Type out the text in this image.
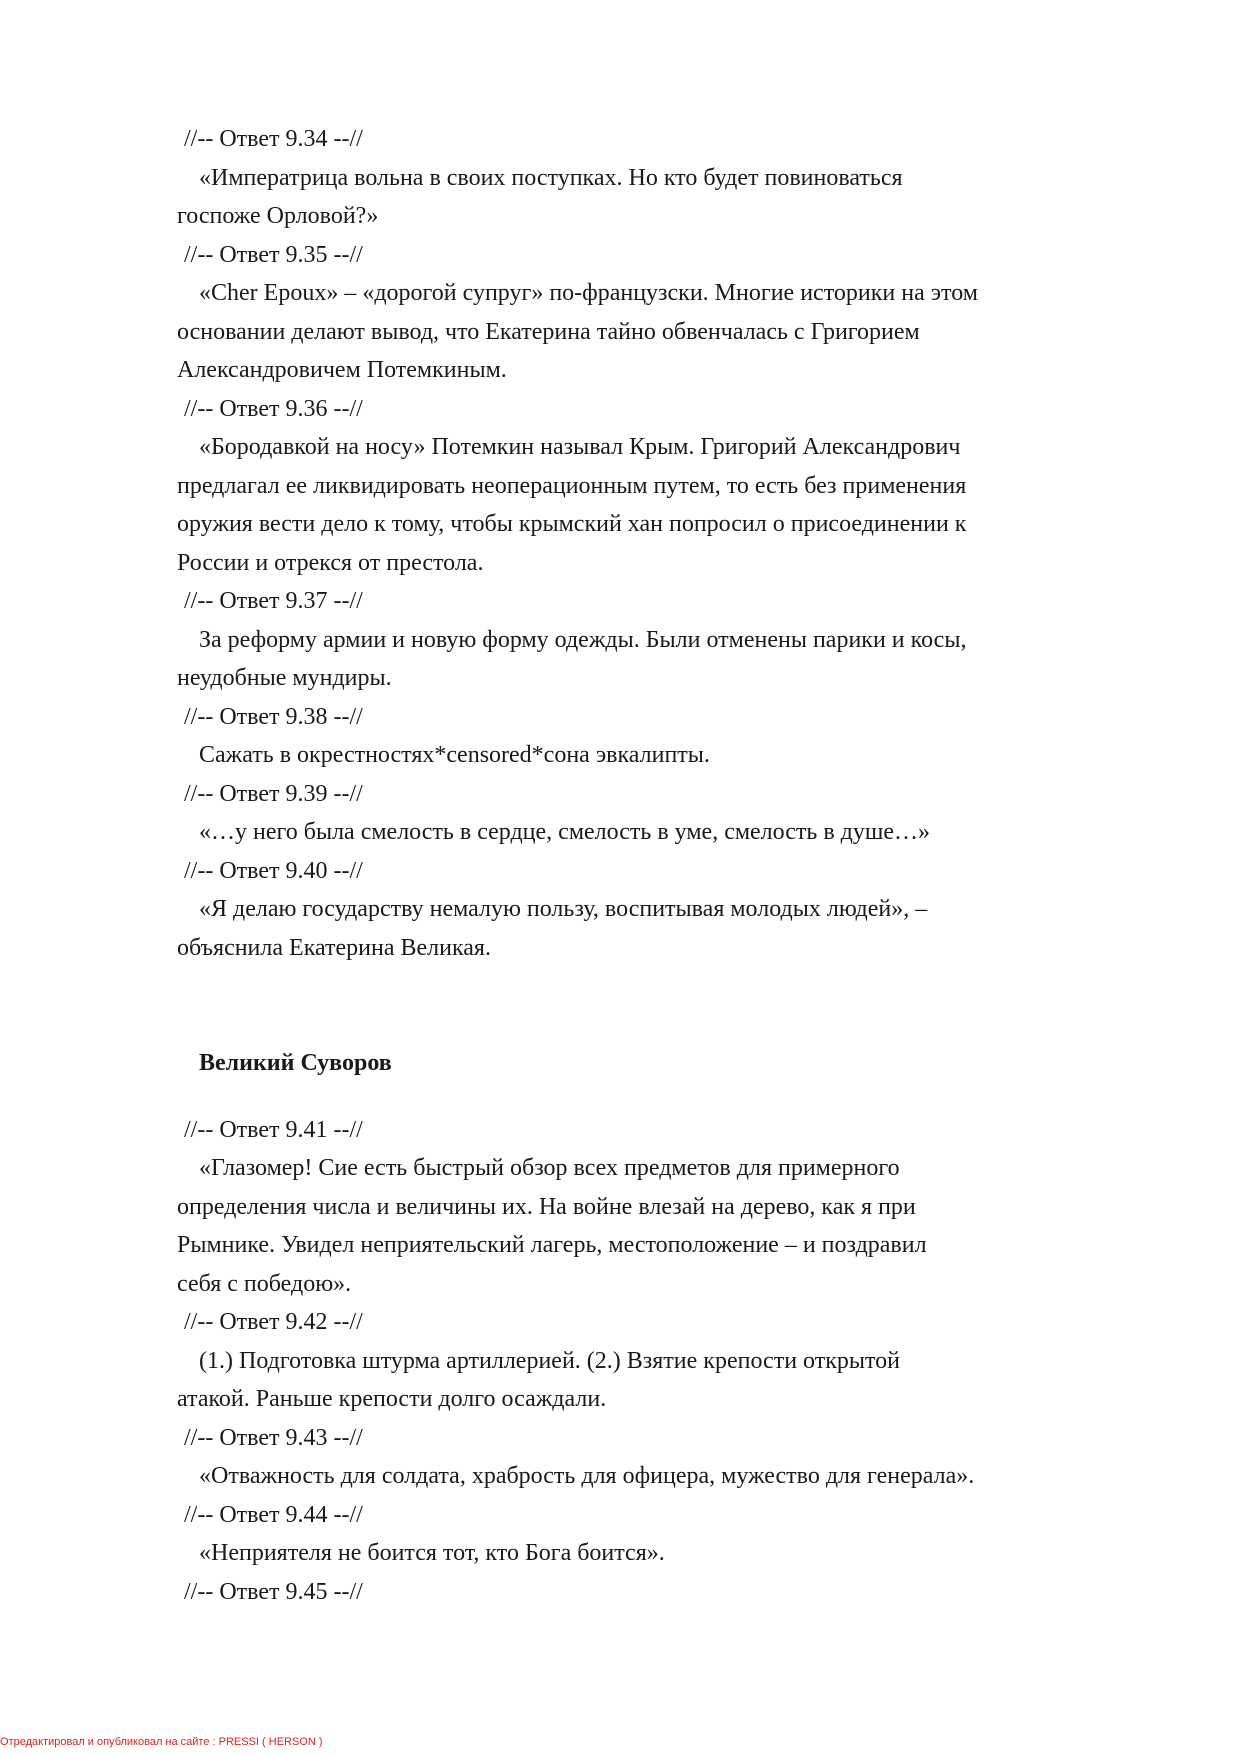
//-- Ответ 9.34 --//
«Императрица вольна в своих поступках. Но кто будет повиноваться
госпоже Орловой?»
//-- Ответ 9.35 --//
«Cher Epoux» – «дорогой супруг» по-французски. Многие историки на этом
основании делают вывод, что Екатерина тайно обвенчалась с Григорием
Александровичем Потемкиным.
//-- Ответ 9.36 --//
«Бородавкой на носу» Потемкин называл Крым. Григорий Александрович
предлагал ее ликвидировать неоперационным путем, то есть без применения
оружия вести дело к тому, чтобы крымский хан попросил о присоединении к
России и отрекся от престола.
//-- Ответ 9.37 --//
За реформу армии и новую форму одежды. Были отменены парики и косы,
неудобные мундиры.
//-- Ответ 9.38 --//
Сажать в окрестностях*censored*сона эвкалипты.
//-- Ответ 9.39 --//
«…у него была смелость в сердце, смелость в уме, смелость в душе…»
//-- Ответ 9.40 --//
«Я делаю государству немалую пользу, воспитывая молодых людей», –
объяснила Екатерина Великая.
Великий Суворов
//-- Ответ 9.41 --//
«Глазомер! Сие есть быстрый обзор всех предметов для примерного
определения числа и величины их. На войне влезай на дерево, как я при
Рымнике. Увидел неприятельский лагерь, местоположение – и поздравил
себя с победою».
//-- Ответ 9.42 --//
(1.) Подготовка штурма артиллерией. (2.) Взятие крепости открытой
атакой. Раньше крепости долго осаждали.
//-- Ответ 9.43 --//
«Отважность для солдата, храбрость для офицера, мужество для генерала».
//-- Ответ 9.44 --//
«Неприятеля не боится тот, кто Бога боится».
//-- Ответ 9.45 --//
Отредактировал и опубликовал на сайте : PRESSI ( HERSON )
